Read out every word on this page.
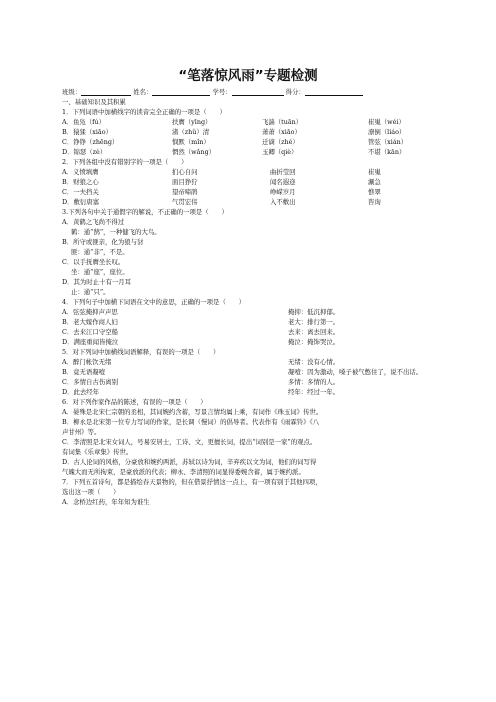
“笔落惊风雨”专题检测
班级：	姓名：	学号：	得分：
一、基础知识及其积累
1．下列词语中加横线字的读音完全正确的一项是（　　）
A．鱼凫（fú）	扶膺（yīng）	飞湍（tuān）	崔嵬（wéi）
B．猿猱（xiāo）	渚（zhǔ）清	萧萧（xiāo）	潦倒（liáo）
C．铮铮（zhēng）	悯默（mǐn）	迁谪（zhé）	管弦（xián）
D．锦瑟（zè）	惘然（wǎng）	玉卿（qiè）	不堪（kān）
2．下列各组中没有错别字的一项是（　　）
A．义愤填膺	扪心自问	曲折莹回	崔嵬
B．财狼之心	面目狰狞	闻名遐迩	涮急
C．一夫挡关	望帝啼鹃	峥嵘岁月	憔翠
D．敷衍唐塞	气贯宏伟	入不敷出	咨询
3.下列各句中关于通假字的解说，不正确的一项是（　　）
A．黄鹤之飞尚不得过
鹤：通“鹄”，一种健飞的大鸟。
B．所守或匪亲，化为狼与豺
匪：通“非”，不是。
C．以手抚膺坐长叹。
坐：通“座”，座位。
D．其为时止十有一月耳
止：通“只”。
4．下列句子中加横下词语在文中的意思，正确的一项是（　　）
A．弦弦掩抑声声思	掩抑：低沉抑郁。
B．老大嫁作商人妇	老大：排行第一。
C．去来江口守空船	去来：离去回来。
D．满座重闻皆掩泣	掩泣：掩饰哭泣。
5．对下列词中加横线词语解释，有误的一项是（　　）
A．醉门帐饮无绪	无绪：没有心情。
B．竟无语凝噎	凝噎：因为激动，嗓子被气憋住了，说不出话。
C．多情自古伤离别	多情：多情的人。
D．此去经年	经年：经过一年。
6．对下列作家作品的陈述，有误的一项是（　　）
A．晏殊是北宋仁宗朝的丞相，其词婉约含蓄，写景言情均属上乘，有词作《珠玉词》传世。
B．柳永是北宋第一位专力写词的作家，是长调（慢词）的倡导者。代表作有《雨霖铃》《八
声甘州》等。
C．李清照是北宋女词人，号易安居士，工诗、文，更擅长词，提出“词别是一家”的观点。
有词集《乐章集》传世。
D．古人论词的风格，分豪放和婉约两派，苏轼以诗为词，辛弃疾以文为词，他们的词写得
气魄大而无所拘束，是豪放派的代表；柳永、李清照的词显得委婉含蓄，属于婉约派。
7．下列五首诗句，都是描绘春天景物的，但在借景抒情这一点上，有一项有别于其他四项，
选出这一项（　　）
A．念桥边红药，年年知为谁生
